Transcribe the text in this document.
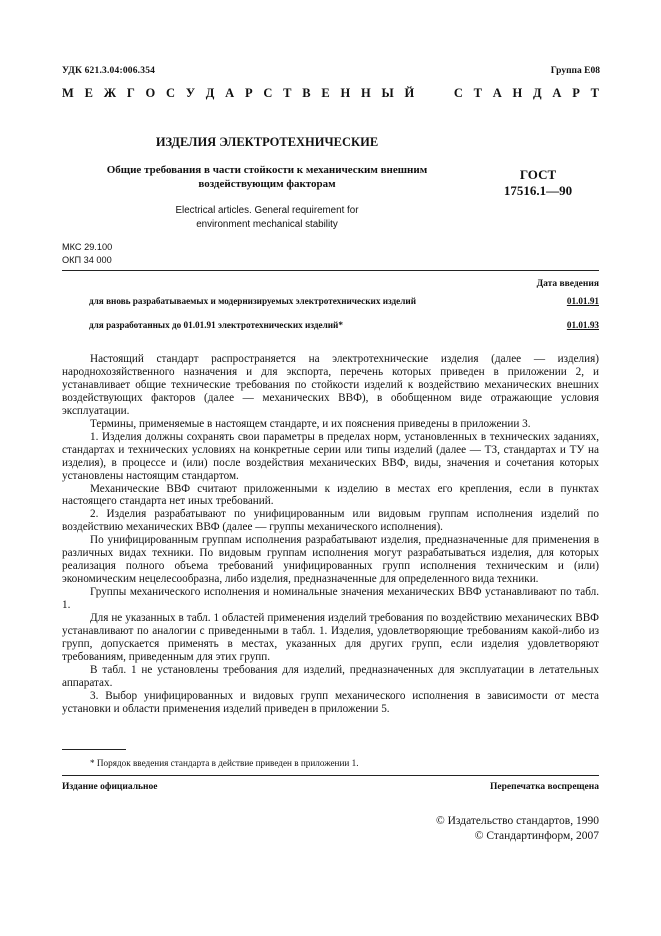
УДК 621.3.04:006.354	Группа Е08
М Е Ж Г О С У Д А Р С Т В Е Н Н Ы Й	С Т А Н Д А Р Т
ИЗДЕЛИЯ ЭЛЕКТРОТЕХНИЧЕСКИЕ
Общие требования в части стойкости к механическим внешним
воздействующим факторам
Electrical articles. General requirement for
environment mechanical stability
ГОСТ
17516.1—90
МКС 29.100
ОКП 34 000
Дата введения
для вновь разрабатываемых и модернизируемых электротехнических изделий	01.01.91
для разработанных до 01.01.91 электротехнических изделий*	01.01.93

Настоящий стандарт распространяется на электротехнические изделия (далее — изделия) народнохозяйственного назначения и для экспорта, перечень которых приведен в приложении 2, и устанавливает общие технические требования по стойкости изделий к воздействию механических внешних воздействующих факторов (далее — механических ВВФ), в обобщенном виде отражающие условия эксплуатации.

Термины, применяемые в настоящем стандарте, и их пояснения приведены в приложении 3.

1. Изделия должны сохранять свои параметры в пределах норм, установленных в технических заданиях, стандартах и технических условиях на конкретные серии или типы изделий (далее — ТЗ, стандартах и ТУ на изделия), в процессе и (или) после воздействия механических ВВФ, виды, значения и сочетания которых установлены настоящим стандартом.

Механические ВВФ считают приложенными к изделию в местах его крепления, если в пунктах настоящего стандарта нет иных требований.

2. Изделия разрабатывают по унифицированным или видовым группам исполнения изделий по воздействию механических ВВФ (далее — группы механического исполнения).

По унифицированным группам исполнения разрабатывают изделия, предназначенные для применения в различных видах техники. По видовым группам исполнения могут разрабатываться изделия, для которых реализация полного объема требований унифицированных групп исполнения техническим и (или) экономическим нецелесообразна, либо изделия, предназначенные для определенного вида техники.

Группы механического исполнения и номинальные значения механических ВВФ устанавливают по табл. 1.

Для не указанных в табл. 1 областей применения изделий требования по воздействию механических ВВФ устанавливают по аналогии с приведенными в табл. 1. Изделия, удовлетворяющие требованиям какой-либо из групп, допускается применять в местах, указанных для других групп, если изделия удовлетворяют требованиям, приведенным для этих групп.

В табл. 1 не установлены требования для изделий, предназначенных для эксплуатации в летательных аппаратах.

3. Выбор унифицированных и видовых групп механического исполнения в зависимости от места установки и области применения изделий приведен в приложении 5.

* Порядок введения стандарта в действие приведен в приложении 1.
Издание официальное	Перепечатка воспрещена
© Издательство стандартов, 1990
© Стандартинформ, 2007
